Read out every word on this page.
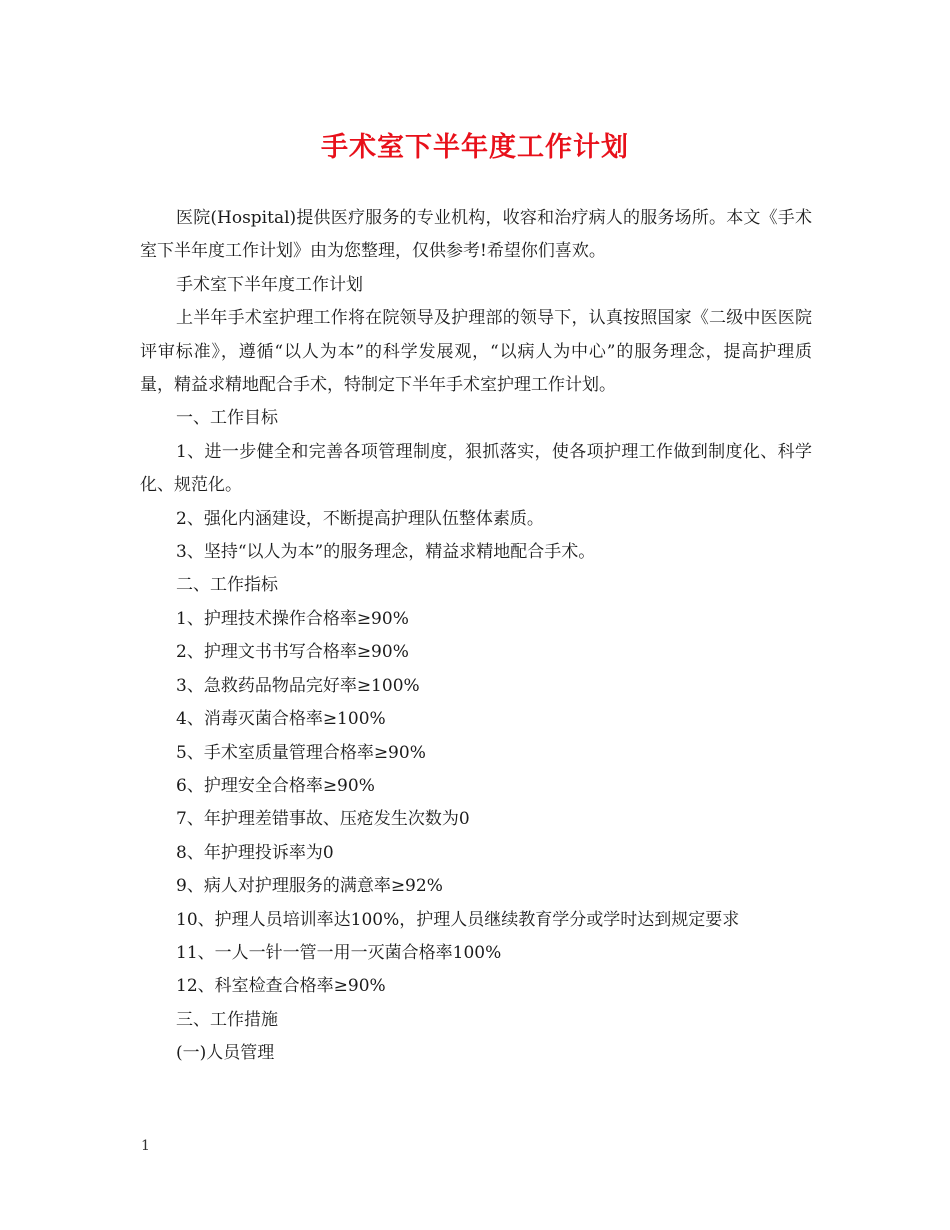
手术室下半年度工作计划

医院(Hospital)提供医疗服务的专业机构，收容和治疗病人的服务场所。本文《手术室下半年度工作计划》由为您整理，仅供参考!希望你们喜欢。

手术室下半年度工作计划

上半年手术室护理工作将在院领导及护理部的领导下，认真按照国家《二级中医医院评审标准》，遵循“以人为本”的科学发展观，“以病人为中心”的服务理念，提高护理质量，精益求精地配合手术，特制定下半年手术室护理工作计划。

一、工作目标

1、进一步健全和完善各项管理制度，狠抓落实，使各项护理工作做到制度化、科学化、规范化。

2、强化内涵建设，不断提高护理队伍整体素质。

3、坚持“以人为本”的服务理念，精益求精地配合手术。

二、工作指标

1、护理技术操作合格率≥90%

2、护理文书书写合格率≥90%

3、急救药品物品完好率≥100%

4、消毒灭菌合格率≥100%

5、手术室质量管理合格率≥90%

6、护理安全合格率≥90%

7、年护理差错事故、压疮发生次数为0

8、年护理投诉率为0

9、病人对护理服务的满意率≥92%

10、护理人员培训率达100%，护理人员继续教育学分或学时达到规定要求

11、一人一针一管一用一灭菌合格率100%

12、科室检查合格率≥90%

三、工作措施

(一)人员管理

1
